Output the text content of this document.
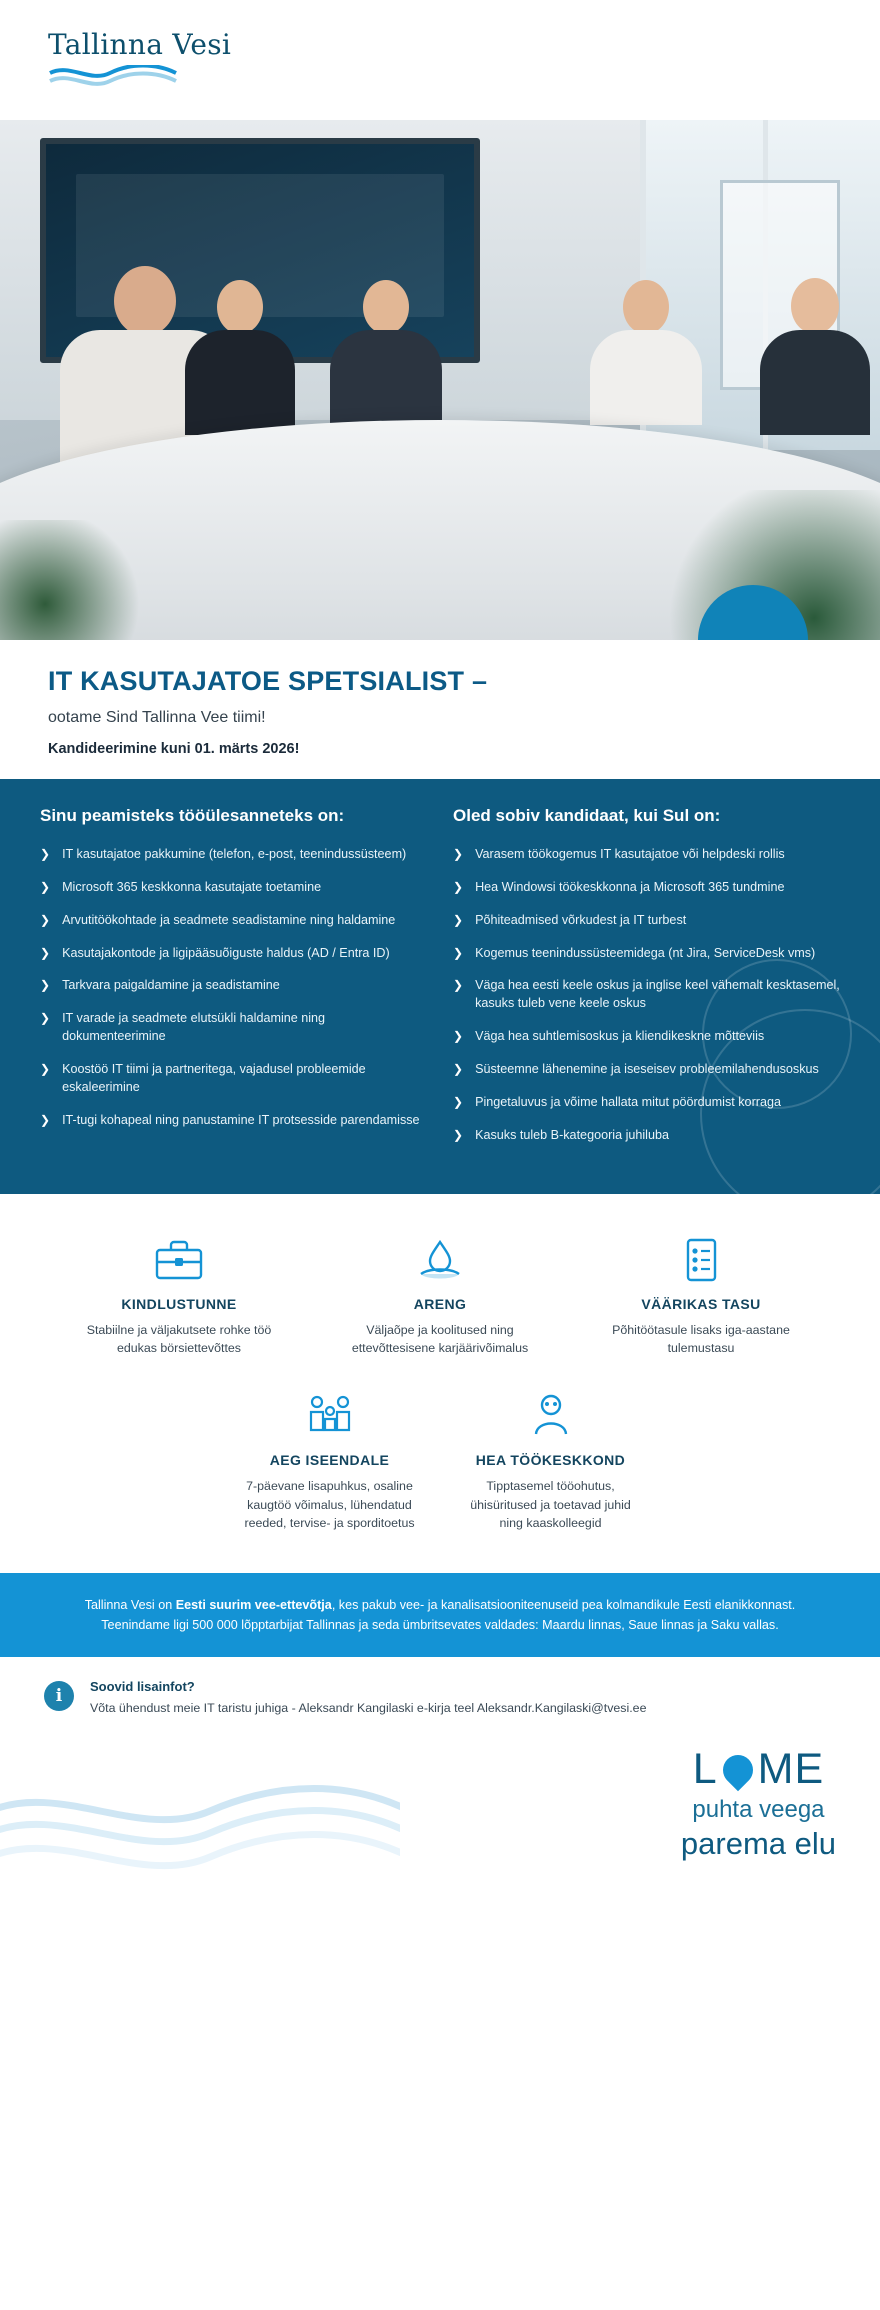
Tallinna Vesi
IT KASUTAJATOE SPETSIALIST –
ootame Sind Tallinna Vee tiimi!
Kandideerimine kuni 01. märts 2026!
Sinu peamisteks tööülesanneteks on:
❯ IT kasutajatoe pakkumine (telefon, e-post, teenindussüsteem)
❯ Microsoft 365 keskkonna kasutajate toetamine
❯ Arvutitöökohtade ja seadmete seadistamine ning haldamine
❯ Kasutajakontode ja ligipääsuõiguste haldus (AD / Entra ID)
❯ Tarkvara paigaldamine ja seadistamine
❯ IT varade ja seadmete elutsükli haldamine ning dokumenteerimine
❯ Koostöö IT tiimi ja partneritega, vajadusel probleemide eskaleerimine
❯ IT-tugi kohapeal ning panustamine IT protsesside parendamisse
Oled sobiv kandidaat, kui Sul on:
❯ Varasem töökogemus IT kasutajatoe või helpdeski rollis
❯ Hea Windowsi töökeskkonna ja Microsoft 365 tundmine
❯ Põhiteadmised võrkudest ja IT turbest
❯ Kogemus teenindussüsteemidega (nt Jira, ServiceDesk vms)
❯ Väga hea eesti keele oskus ja inglise keel vähemalt kesktasemel, kasuks tuleb vene keele oskus
❯ Väga hea suhtlemisoskus ja kliendikeskne mõtteviis
❯ Süsteemne lähenemine ja iseseisev probleemilahendusoskus
❯ Pingetaluvus ja võime hallata mitut pöördumist korraga
❯ Kasuks tuleb B-kategooria juhiluba
KINDLUSTUNNE

Stabiilne ja väljakutsete rohke töö edukas börsiettevõttes

ARENG

Väljaõpe ja koolitused ning ettevõttesisene karjäärivõimalus

VÄÄRIKAS TASU

Põhitöötasule lisaks iga-aastane tulemustasu

AEG ISEENDALE

7-päevane lisapuhkus, osaline kaugtöö võimalus, lühendatud reeded, tervise- ja sporditoetus

HEA TÖÖKESKKOND

Tipptasemel tööohutus, ühisüritused ja toetavad juhid ning kaaskolleegid

Tallinna Vesi on Eesti suurim vee-ettevõtja, kes pakub vee- ja kanalisatsiooniteenuseid pea kolmandikule Eesti elanikkonnast. Teenindame ligi 500 000 lõpptarbijat Tallinnas ja seda ümbritsevates valdades: Maardu linnas, Saue linnas ja Saku vallas.
i	Soovid lisainfot?

Võta ühendust meie IT taristu juhiga - Aleksandr Kangilaski e-kirja teel Aleksandr.Kangilaski@tvesi.ee

L ME
puhta veega
parema elu
